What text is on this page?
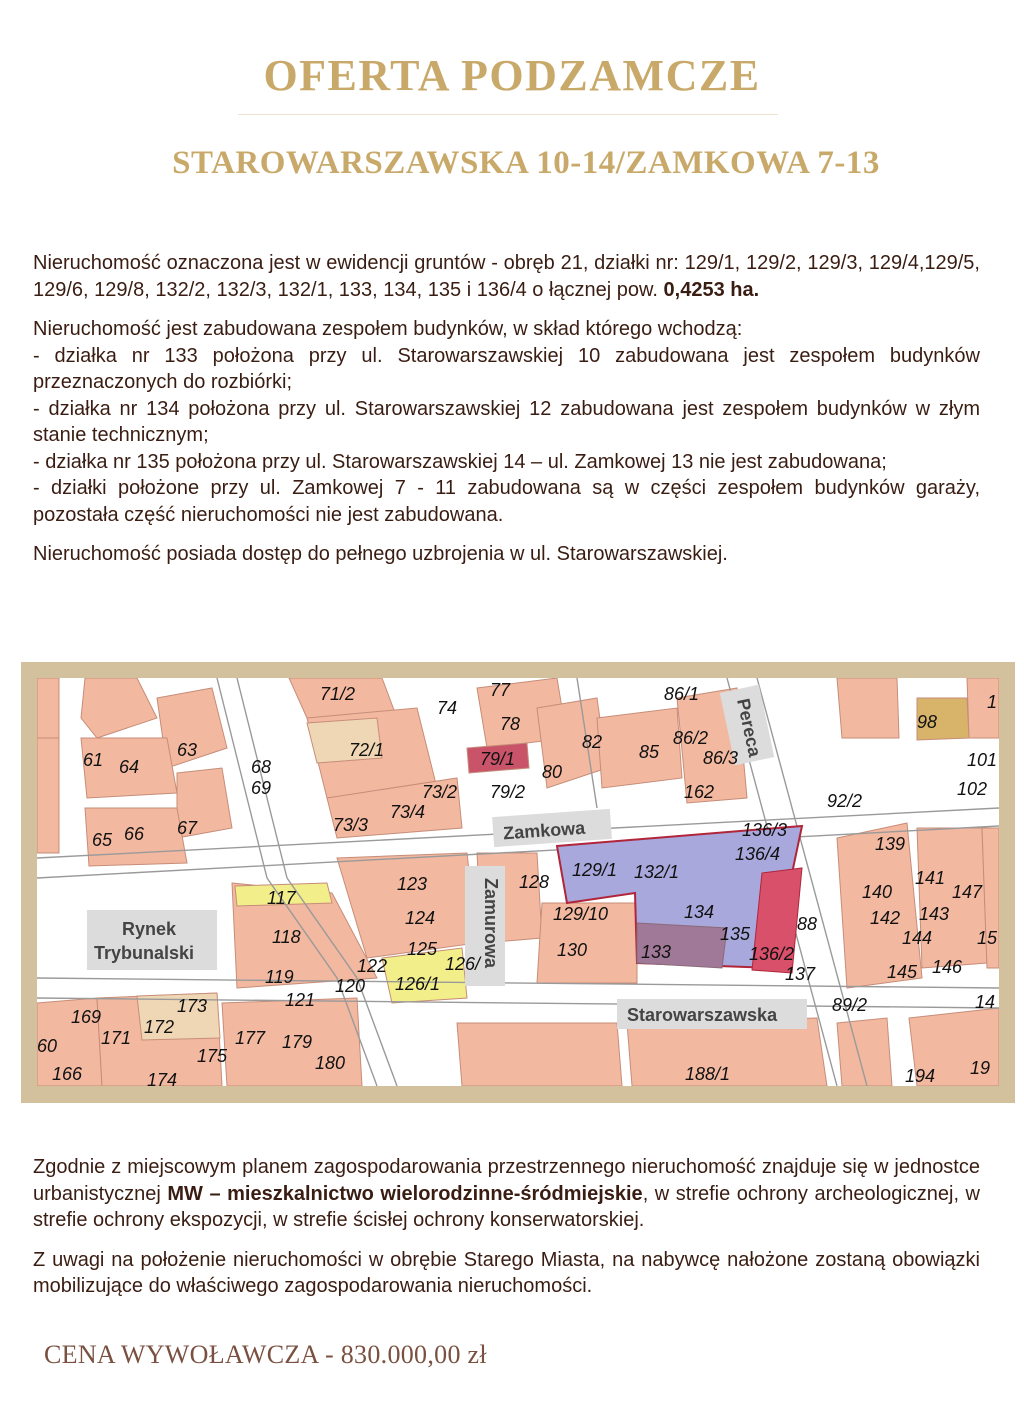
OFERTA PODZAMCZE
STAROWARSZAWSKA 10-14/ZAMKOWA 7-13

Nieruchomość oznaczona jest w ewidencji gruntów - obręb 21, działki nr: 129/1, 129/2, 129/3, 129/4,129/5, 129/6, 129/8, 132/2, 132/3, 132/1, 133, 134, 135 i 136/4 o łącznej pow. 0,4253 ha.

Nieruchomość jest zabudowana zespołem budynków, w skład którego wchodzą:
- działka nr 133 położona przy ul. Starowarszawskiej 10 zabudowana jest zespołem budynków przeznaczonych do rozbiórki;
- działka nr 134 położona przy ul. Starowarszawskiej 12 zabudowana jest zespołem budynków w złym stanie technicznym;
- działka nr 135 położona przy ul. Starowarszawskiej 14 – ul. Zamkowej 13 nie jest zabudowana;
- działki położone przy ul. Zamkowej 7 - 11 zabudowana są w części zespołem budynków garaży, pozostała część nieruchomości nie jest zabudowana.

Nieruchomość posiada dostęp do pełnego uzbrojenia w ul. Starowarszawskiej.

Zamkowa
Zamurowa
Pereca
Starowarszawska
Rynek
Trybunalski
71/2	77
74
86/1
98
1
78
63	72/1	82 85
86/2
61 64	68	79/1	86/3	101
69
80
73/2 79/2	162	102
92/2
73/4
73/3
67
66
65	136/3
136/4	139
129/1 132/1
128
123	141
140	147
117
129/10	134	143
142
88
124
135	144 15
118
125	130	133	136/2
122	126/	146
137	145
119 120 126/1
173	121	89/2	14
169 172
171	177 179
60	175	180
166	174	188/1	194 19

Zgodnie z miejscowym planem zagospodarowania przestrzennego nieruchomość znajduje się w jednostce urbanistycznej MW – mieszkalnictwo wielorodzinne-śródmiejskie, w strefie ochrony archeologicznej, w strefie ochrony ekspozycji, w strefie ścisłej ochrony konserwatorskiej.

Z uwagi na położenie nieruchomości w obrębie Starego Miasta, na nabywcę nałożone zostaną obowiązki mobilizujące do właściwego zagospodarowania nieruchomości.

CENA WYWOŁAWCZA - 830.000,00 zł
